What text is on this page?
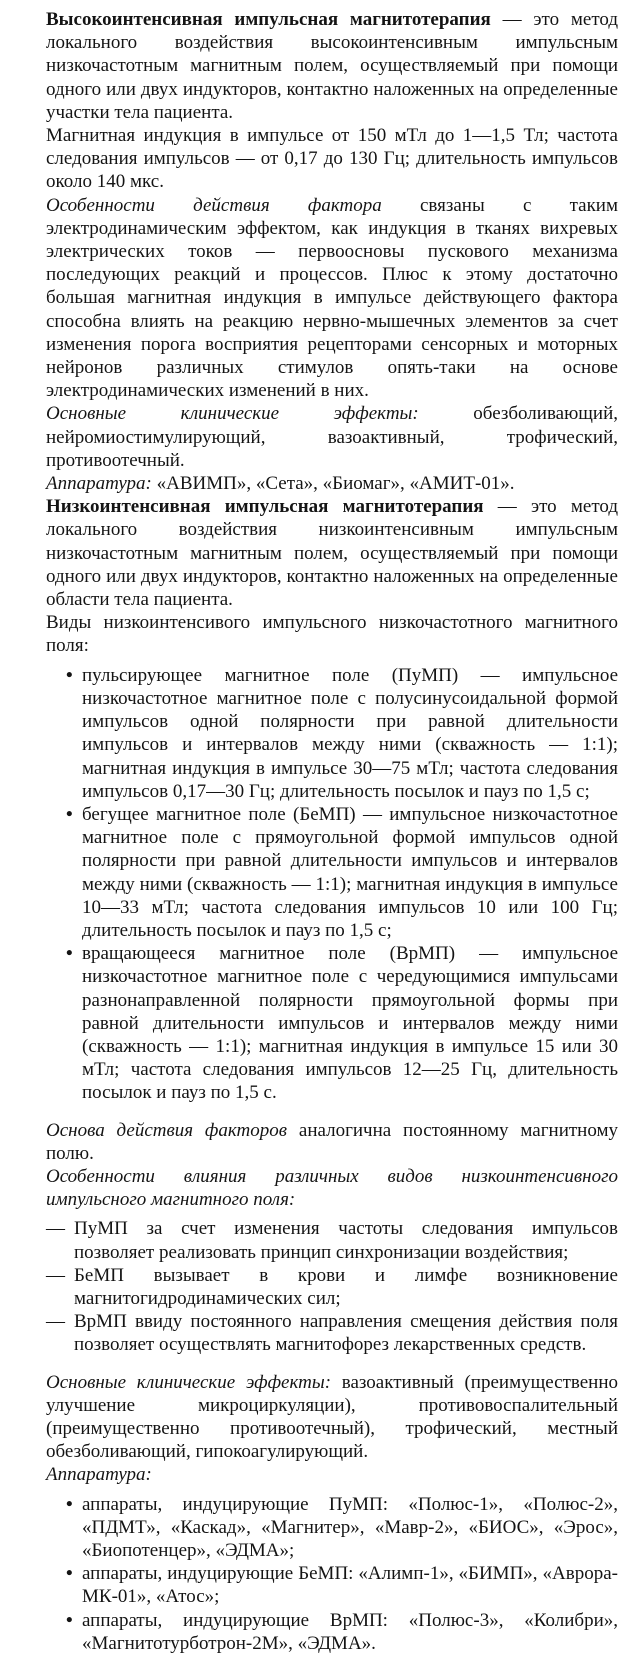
Высокоинтенсивная импульсная магнитотерапия — это метод локального воздействия высокоинтенсивным импульсным низкочастотным магнитным полем, осуществляемый при помощи одного или двух индукторов, контактно наложенных на определенные участки тела пациента.

Магнитная индукция в импульсе от 150 мТл до 1—1,5 Тл; частота следования импульсов — от 0,17 до 130 Гц; длительность импульсов около 140 мкс.

Особенности действия фактора связаны с таким электродинамическим эффектом, как индукция в тканях вихревых электрических токов — первоосновы пускового механизма последующих реакций и процессов. Плюс к этому достаточно большая магнитная индукция в импульсе действующего фактора способна влиять на реакцию нервно-мышечных элементов за счет изменения порога восприятия рецепторами сенсорных и моторных нейронов различных стимулов опять-таки на основе электродинамических изменений в них.

Основные клинические эффекты: обезболивающий, нейромиостимулирующий, вазоактивный, трофический, противоотечный.

Аппаратура: «АВИМП», «Сета», «Биомаг», «АМИТ-01».

Низкоинтенсивная импульсная магнитотерапия — это метод локального воздействия низкоинтенсивным импульсным низкочастотным магнитным полем, осуществляемый при помощи одного или двух индукторов, контактно наложенных на определенные области тела пациента.

Виды низкоинтенсивого импульсного низкочастотного магнитного поля:

• пульсирующее магнитное поле (ПуМП) — импульсное низкочастотное магнитное поле с полусинусоидальной формой импульсов одной полярности при равной длительности импульсов и интервалов между ними (скважность — 1:1); магнитная индукция в импульсе 30—75 мТл; частота следования импульсов 0,17—30 Гц; длительность посылок и пауз по 1,5 с;
• бегущее магнитное поле (БеМП) — импульсное низкочастотное магнитное поле с прямоугольной формой импульсов одной полярности при равной длительности импульсов и интервалов между ними (скважность — 1:1); магнитная индукция в импульсе 10—33 мТл; частота следования импульсов 10 или 100 Гц; длительность посылок и пауз по 1,5 с;
• вращающееся магнитное поле (ВрМП) — импульсное низкочастотное магнитное поле с чередующимися импульсами разнонаправленной полярности прямоугольной формы при равной длительности импульсов и интервалов между ними (скважность — 1:1); магнитная индукция в импульсе 15 или 30 мТл; частота следования импульсов 12—25 Гц, длительность посылок и пауз по 1,5 с.

Основа действия факторов аналогична постоянному магнитному полю.

Особенности влияния различных видов низкоинтенсивного импульсного магнитного поля:

— ПуМП за счет изменения частоты следования импульсов позволяет реализовать принцип синхронизации воздействия;
— БеМП вызывает в крови и лимфе возникновение магнитогидродинамических сил;
— ВрМП ввиду постоянного направления смещения действия поля позволяет осуществлять магнитофорез лекарственных средств.

Основные клинические эффекты: вазоактивный (преимущественно улучшение микроциркуляции), противовоспалительный (преимущественно противоотечный), трофический, местный обезболивающий, гипокоагулирующий.

Аппаратура:

• аппараты, индуцирующие ПуМП: «Полюс-1», «Полюс-2», «ПДМТ», «Каскад», «Магнитер», «Мавр-2», «БИОС», «Эрос», «Биопотенцер», «ЭДМА»;
• аппараты, индуцирующие БеМП: «Алимп-1», «БИМП», «Аврора-МК-01», «Атос»;
• аппараты, индуцирующие ВрМП: «Полюс-3», «Колибри», «Магнитотурботрон-2М», «ЭДМА».
